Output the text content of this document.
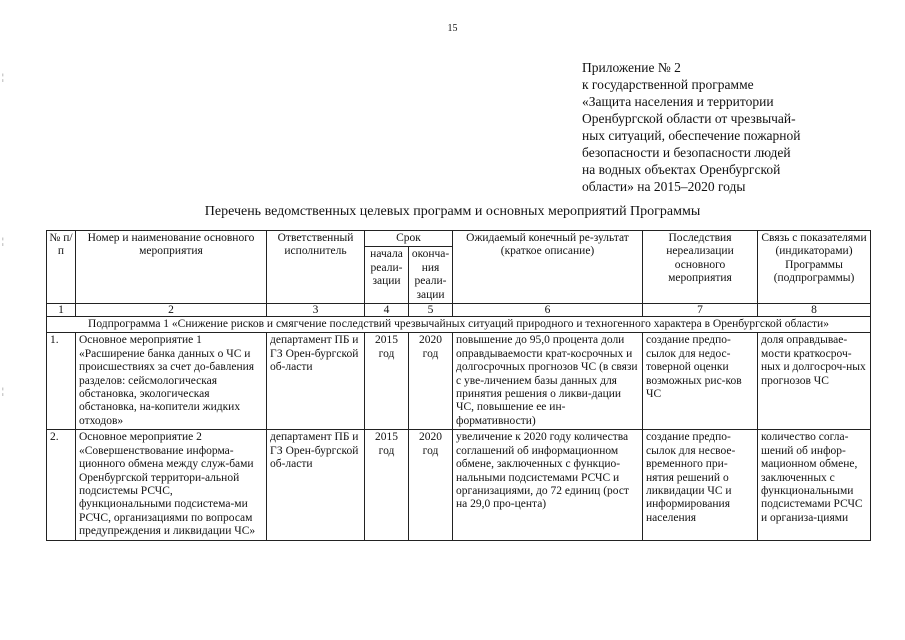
15
¦
¦
¦
Приложение № 2
к государственной программе
«Защита населения и территории
Оренбургской области от чрезвычай-
ных ситуаций, обеспечение пожарной
безопасности и безопасности людей
на водных объектах Оренбургской
области» на 2015–2020 годы
Перечень ведомственных целевых программ и основных мероприятий Программы
№ п/п	Номер и наименование основного мероприятия	Ответственный исполнитель	Срок		Ожидаемый конечный ре-зультат (краткое описание)	Последствия нереализации основного мероприятия	Связь с показателями (индикаторами) Программы (подпрограммы)
			начала реали-зации	оконча-ния реали-зации			
1	2	3	4	5	6	7	8
Подпрограмма 1 «Снижение рисков и смягчение последствий чрезвычайных ситуаций природного и техногенного характера в Оренбургской области»							
1.	Основное мероприятие 1 «Расширение банка данных о ЧС и происшествиях за счет до-бавления разделов: сейсмологическая обстановка, экологическая обстановка, на-копители жидких отходов»	департамент ПБ и ГЗ Орен-бургской об-ласти	2015 год	2020 год	повышение до 95,0 процента доли оправдываемости крат-косрочных и долгосрочных прогнозов ЧС (в связи с уве-личением базы данных для принятия решения о ликви-дации ЧС, повышение ее ин-формативности)	создание предпо-сылок для недос-товерной оценки возможных рис-ков ЧС	доля оправдывае-мости краткосроч-ных и долгосроч-ных прогнозов ЧС
2.	Основное мероприятие 2 «Совершенствование информа-ционного обмена между служ-бами Оренбургской территори-альной подсистемы РСЧС, функциональными подсистема-ми РСЧС, организациями по вопросам предупреждения и ликвидации ЧС»	департамент ПБ и ГЗ Орен-бургской об-ласти	2015 год	2020 год	увеличение к 2020 году количества соглашений об информационном обмене, заключенных с функцио-нальными подсистемами РСЧС и организациями, до 72 единиц (рост на 29,0 про-цента)	создание предпо-сылок для несвое-временного при-нятия решений о ликвидации ЧС и информирования населения	количество согла-шений об инфор-мационном обмене, заключенных с функциональными подсистемами РСЧС и организа-циями
